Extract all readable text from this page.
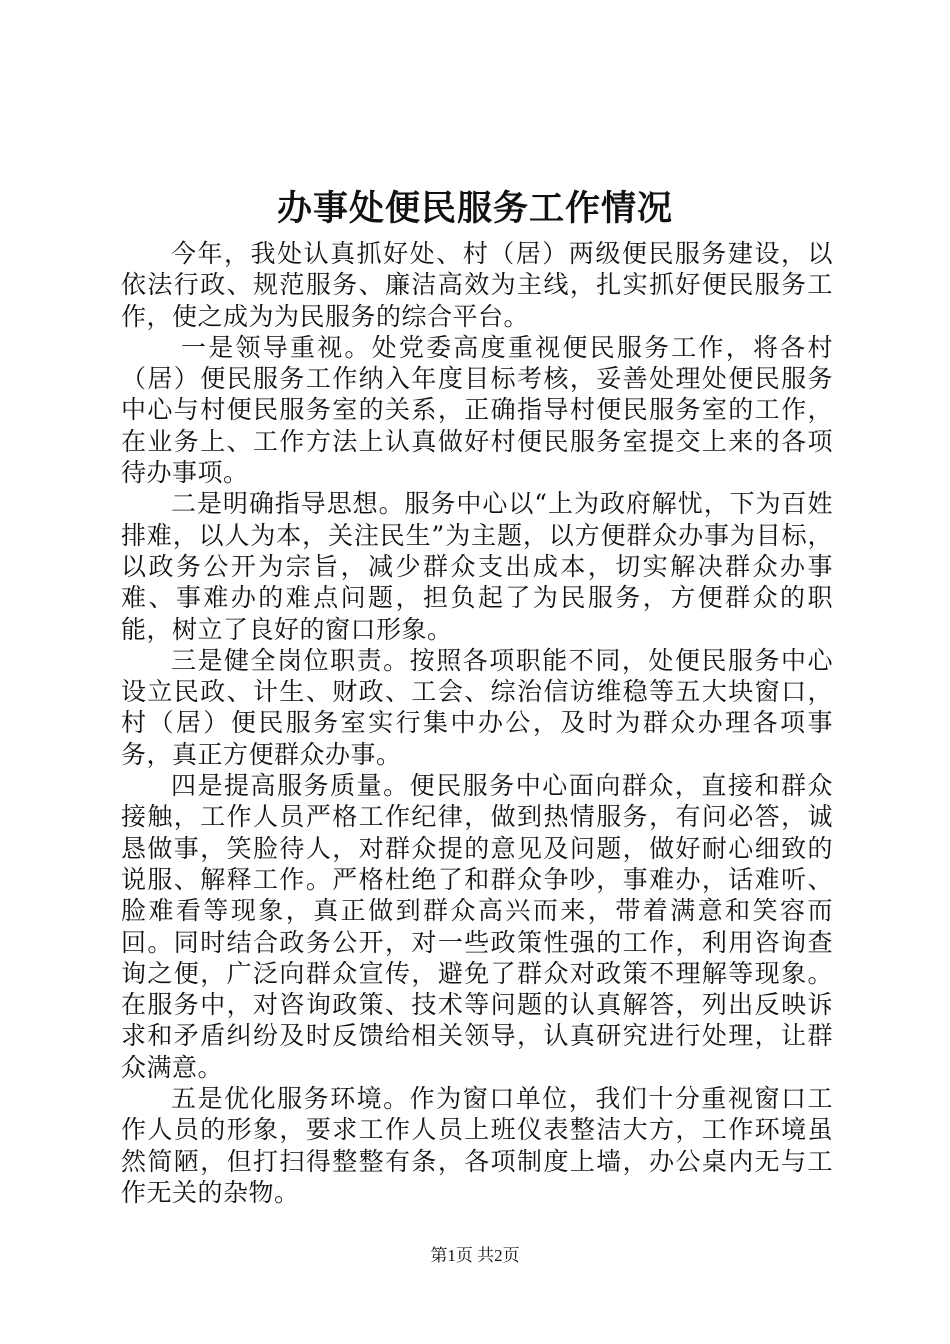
办事处便民服务工作情况

今年，我处认真抓好处、村（居）两级便民服务建设，以依法行政、规范服务、廉洁高效为主线，扎实抓好便民服务工作，使之成为为民服务的综合平台。

一是领导重视。处党委高度重视便民服务工作，将各村（居）便民服务工作纳入年度目标考核，妥善处理处便民服务中心与村便民服务室的关系，正确指导村便民服务室的工作，在业务上、工作方法上认真做好村便民服务室提交上来的各项待办事项。

二是明确指导思想。服务中心以“上为政府解忧，下为百姓排难，以人为本，关注民生”为主题，以方便群众办事为目标，以政务公开为宗旨，减少群众支出成本，切实解决群众办事难、事难办的难点问题，担负起了为民服务，方便群众的职能，树立了良好的窗口形象。

三是健全岗位职责。按照各项职能不同，处便民服务中心设立民政、计生、财政、工会、综治信访维稳等五大块窗口，村（居）便民服务室实行集中办公，及时为群众办理各项事务，真正方便群众办事。

四是提高服务质量。便民服务中心面向群众，直接和群众接触，工作人员严格工作纪律，做到热情服务，有问必答，诚恳做事，笑脸待人，对群众提的意见及问题，做好耐心细致的说服、解释工作。严格杜绝了和群众争吵，事难办，话难听、脸难看等现象，真正做到群众高兴而来，带着满意和笑容而回。同时结合政务公开，对一些政策性强的工作，利用咨询查询之便，广泛向群众宣传，避免了群众对政策不理解等现象。在服务中，对咨询政策、技术等问题的认真解答，列出反映诉求和矛盾纠纷及时反馈给相关领导，认真研究进行处理，让群众满意。

五是优化服务环境。作为窗口单位，我们十分重视窗口工作人员的形象，要求工作人员上班仪表整洁大方，工作环境虽然简陋，但打扫得整整有条，各项制度上墙，办公桌内无与工作无关的杂物。

第1页 共2页
